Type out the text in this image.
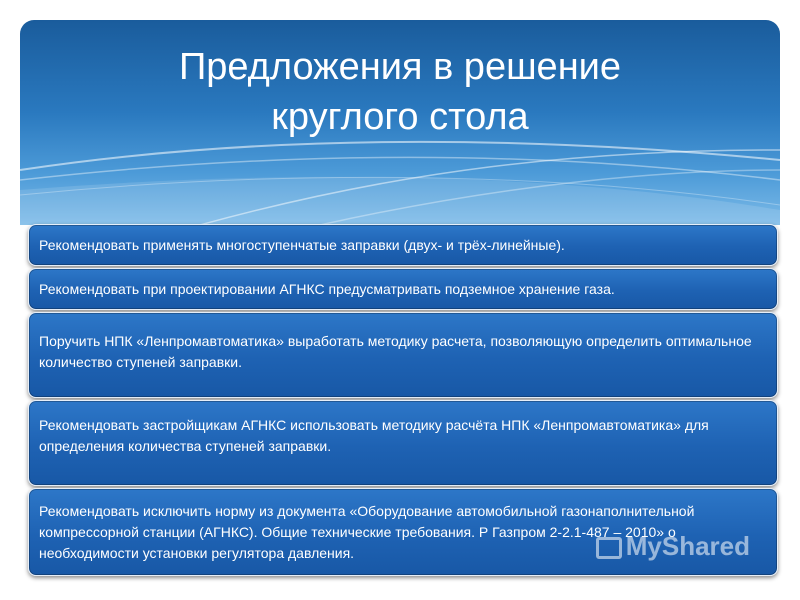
Предложения в решение
круглого стола
Рекомендовать применять многоступенчатые заправки (двух- и трёх-линейные).
Рекомендовать при проектировании АГНКС предусматривать подземное хранение газа.
Поручить НПК «Ленпромавтоматика» выработать методику расчета, позволяющую определить оптимальное количество ступеней заправки.
Рекомендовать застройщикам АГНКС использовать методику расчёта НПК «Ленпромавтоматика» для определения количества ступеней заправки.
Рекомендовать исключить норму из документа «Оборудование автомобильной газонаполнительной компрессорной станции (АГНКС). Общие технические требования. Р Газпром 2-2.1-487 – 2010» о необходимости установки регулятора давления.	MyShared
